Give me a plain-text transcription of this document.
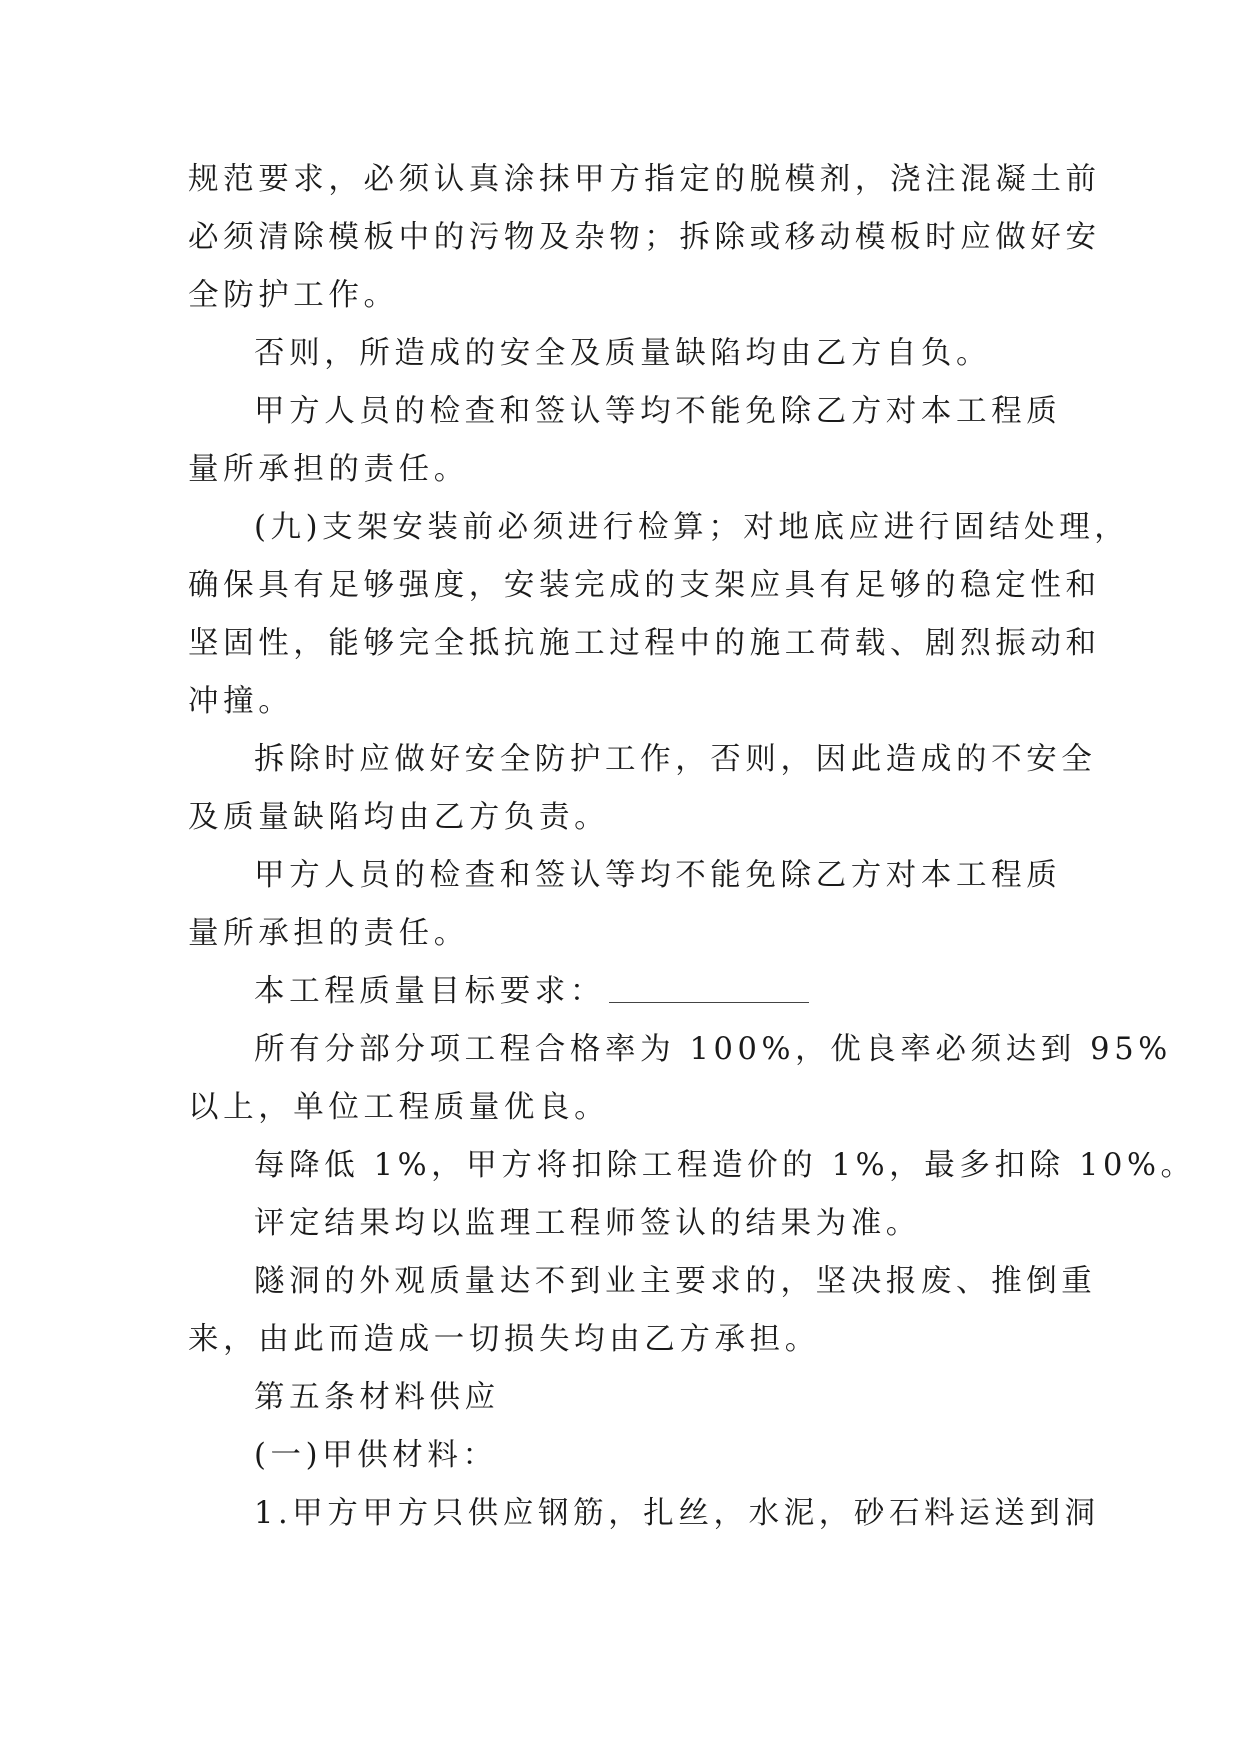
规范要求，必须认真涂抹甲方指定的脱模剂，浇注混凝土前
必须清除模板中的污物及杂物；拆除或移动模板时应做好安
全防护工作。
否则，所造成的安全及质量缺陷均由乙方自负。
甲方人员的检查和签认等均不能免除乙方对本工程质
量所承担的责任。
(九)支架安装前必须进行检算；对地底应进行固结处理，
确保具有足够强度，安装完成的支架应具有足够的稳定性和
坚固性，能够完全抵抗施工过程中的施工荷载、剧烈振动和
冲撞。
拆除时应做好安全防护工作，否则，因此造成的不安全
及质量缺陷均由乙方负责。
甲方人员的检查和签认等均不能免除乙方对本工程质
量所承担的责任。
本工程质量目标要求：
所有分部分项工程合格率为 100%，优良率必须达到 95%
以上，单位工程质量优良。
每降低 1%，甲方将扣除工程造价的 1%，最多扣除 10%。
评定结果均以监理工程师签认的结果为准。
隧洞的外观质量达不到业主要求的，坚决报废、推倒重
来，由此而造成一切损失均由乙方承担。
第五条材料供应
(一)甲供材料：
1.甲方甲方只供应钢筋，扎丝，水泥，砂石料运送到洞
